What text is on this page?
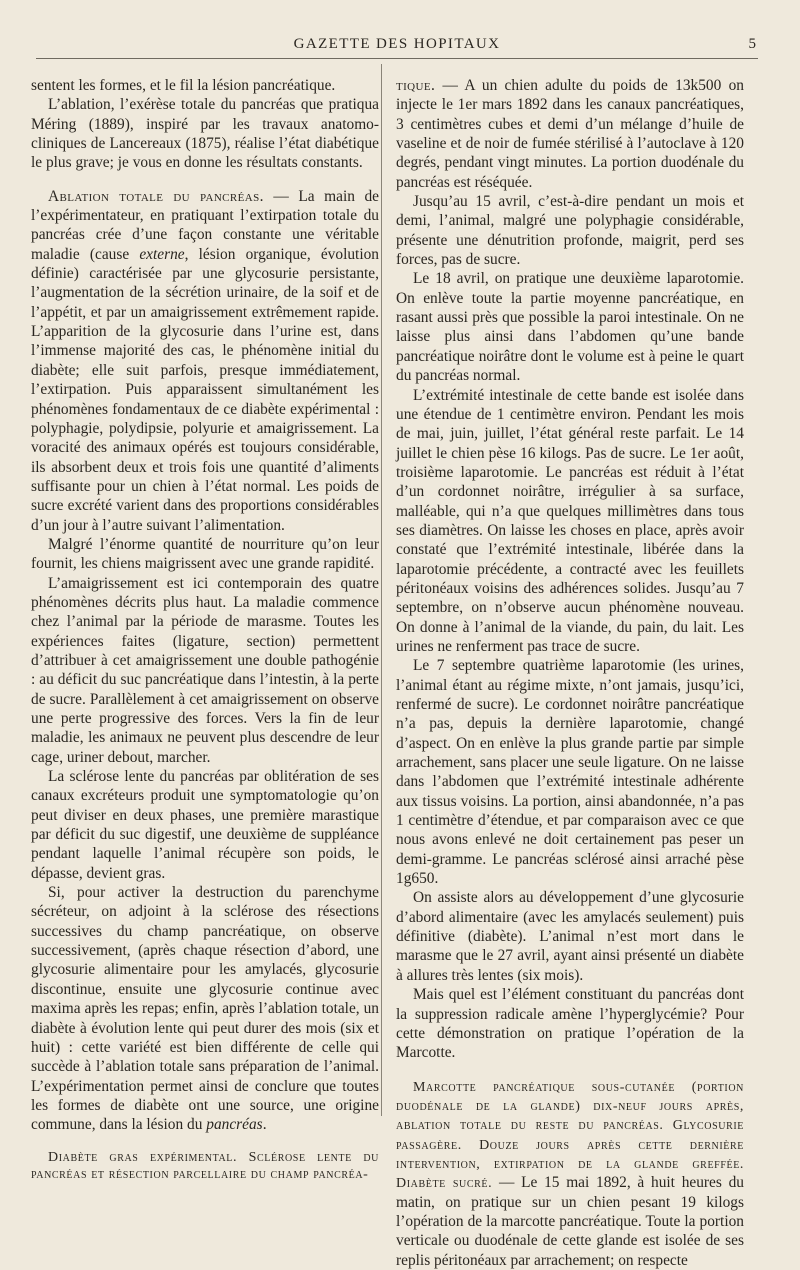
GAZETTE DES HOPITAUX	5

sentent les formes, et le fil la lésion pancréatique.

L’ablation, l’exérèse totale du pancréas que pratiqua Méring (1889), inspiré par les travaux anatomo-cliniques de Lancereaux (1875), réalise l’état diabétique le plus grave; je vous en donne les résultats constants.

Ablation totale du pancréas. — La main de l’expérimentateur, en pratiquant l’extirpation totale du pancréas crée d’une façon constante une véritable maladie (cause externe, lésion organique, évolution définie) caractérisée par une glycosurie persistante, l’augmentation de la sécrétion urinaire, de la soif et de l’appétit, et par un amaigrissement extrêmement rapide. L’apparition de la glycosurie dans l’urine est, dans l’immense majorité des cas, le phénomène initial du diabète; elle suit parfois, presque immédiatement, l’extirpation. Puis apparaissent simultanément les phénomènes fondamentaux de ce diabète expérimental : polyphagie, polydipsie, polyurie et amaigrissement. La voracité des animaux opérés est toujours considérable, ils absorbent deux et trois fois une quantité d’aliments suffisante pour un chien à l’état normal. Les poids de sucre excrété varient dans des proportions considérables d’un jour à l’autre suivant l’alimentation.

Malgré l’énorme quantité de nourriture qu’on leur fournit, les chiens maigrissent avec une grande rapidité.

L’amaigrissement est ici contemporain des quatre phénomènes décrits plus haut. La maladie commence chez l’animal par la période de marasme. Toutes les expériences faites (ligature, section) permettent d’attribuer à cet amaigrissement une double pathogénie : au déficit du suc pancréatique dans l’intestin, à la perte de sucre. Parallèlement à cet amaigrissement on observe une perte progressive des forces. Vers la fin de leur maladie, les animaux ne peuvent plus descendre de leur cage, uriner debout, marcher.

La sclérose lente du pancréas par oblitération de ses canaux excréteurs produit une symptomatologie qu’on peut diviser en deux phases, une première marastique par déficit du suc digestif, une deuxième de suppléance pendant laquelle l’animal récupère son poids, le dépasse, devient gras.

Si, pour activer la destruction du parenchyme sécréteur, on adjoint à la sclérose des résections successives du champ pancréatique, on observe successivement, (après chaque résection d’abord, une glycosurie alimentaire pour les amylacés, glycosurie discontinue, ensuite une glycosurie continue avec maxima après les repas; enfin, après l’ablation totale, un diabète à évolution lente qui peut durer des mois (six et huit) : cette variété est bien différente de celle qui succède à l’ablation totale sans préparation de l’animal. L’expérimentation permet ainsi de conclure que toutes les formes de diabète ont une source, une origine commune, dans la lésion du pancréas.

Diabète gras expérimental. Sclérose lente du pancréas et résection parcellaire du champ pancréa-

tique. — A un chien adulte du poids de 13k500 on injecte le 1er mars 1892 dans les canaux pancréatiques, 3 centimètres cubes et demi d’un mélange d’huile de vaseline et de noir de fumée stérilisé à l’autoclave à 120 degrés, pendant vingt minutes. La portion duodénale du pancréas est réséquée.

Jusqu’au 15 avril, c’est-à-dire pendant un mois et demi, l’animal, malgré une polyphagie considérable, présente une dénutrition profonde, maigrit, perd ses forces, pas de sucre.

Le 18 avril, on pratique une deuxième laparotomie. On enlève toute la partie moyenne pancréatique, en rasant aussi près que possible la paroi intestinale. On ne laisse plus ainsi dans l’abdomen qu’une bande pancréatique noirâtre dont le volume est à peine le quart du pancréas normal.

L’extrémité intestinale de cette bande est isolée dans une étendue de 1 centimètre environ. Pendant les mois de mai, juin, juillet, l’état général reste parfait. Le 14 juillet le chien pèse 16 kilogs. Pas de sucre. Le 1er août, troisième laparotomie. Le pancréas est réduit à l’état d’un cordonnet noirâtre, irrégulier à sa surface, malléable, qui n’a que quelques millimètres dans tous ses diamètres. On laisse les choses en place, après avoir constaté que l’extrémité intestinale, libérée dans la laparotomie précédente, a contracté avec les feuillets péritonéaux voisins des adhérences solides. Jusqu’au 7 septembre, on n’observe aucun phénomène nouveau. On donne à l’animal de la viande, du pain, du lait. Les urines ne renferment pas trace de sucre.

Le 7 septembre quatrième laparotomie (les urines, l’animal étant au régime mixte, n’ont jamais, jusqu’ici, renfermé de sucre). Le cordonnet noirâtre pancréatique n’a pas, depuis la dernière laparotomie, changé d’aspect. On en enlève la plus grande partie par simple arrachement, sans placer une seule ligature. On ne laisse dans l’abdomen que l’extrémité intestinale adhérente aux tissus voisins. La portion, ainsi abandonnée, n’a pas 1 centimètre d’étendue, et par comparaison avec ce que nous avons enlevé ne doit certainement pas peser un demi-gramme. Le pancréas sclérosé ainsi arraché pèse 1g650.

On assiste alors au développement d’une glycosurie d’abord alimentaire (avec les amylacés seulement) puis définitive (diabète). L’animal n’est mort dans le marasme que le 27 avril, ayant ainsi présenté un diabète à allures très lentes (six mois).

Mais quel est l’élément constituant du pancréas dont la suppression radicale amène l’hyperglycémie? Pour cette démonstration on pratique l’opération de la Marcotte.

Marcotte pancréatique sous-cutanée (portion duodénale de la glande) dix-neuf jours après, ablation totale du reste du pancréas. Glycosurie passagère. Douze jours après cette dernière intervention, extirpation de la glande greffée. Diabète sucré. — Le 15 mai 1892, à huit heures du matin, on pratique sur un chien pesant 19 kilogs l’opération de la marcotte pancréatique. Toute la portion verticale ou duodénale de cette glande est isolée de ses replis péritonéaux par arrachement; on respecte
